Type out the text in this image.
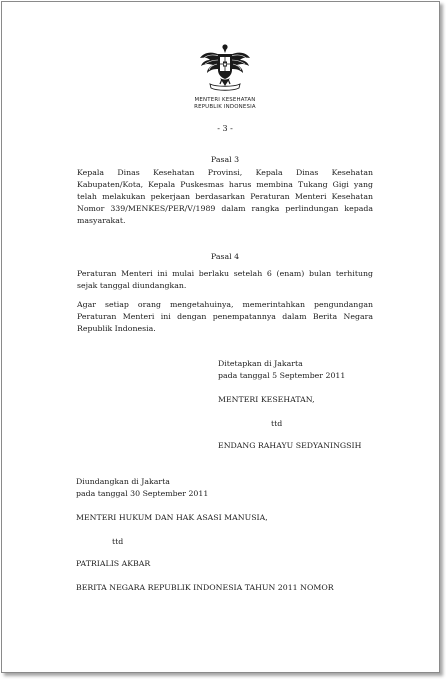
MENTERI KESEHATAN
REPUBLIK INDONESIA
- 3 -
Pasal 3

Kepala Dinas Kesehatan Provinsi, Kepala Dinas Kesehatan Kabupaten/Kota, Kepala Puskesmas harus membina Tukang Gigi yang telah melakukan pekerjaan berdasarkan Peraturan Menteri Kesehatan Nomor 339/MENKES/PER/V/1989 dalam rangka perlindungan kepada masyarakat.

Pasal 4

Peraturan Menteri ini mulai berlaku setelah 6 (enam) bulan terhitung sejak tanggal diundangkan.

Agar setiap orang mengetahuinya, memerintahkan pengundangan Peraturan Menteri ini dengan penempatannya dalam Berita Negara Republik Indonesia.

Ditetapkan di Jakarta
pada tanggal 5 September 2011
MENTERI KESEHATAN,
ttd
ENDANG RAHAYU SEDYANINGSIH
Diundangkan di Jakarta
pada tanggal 30 September 2011
MENTERI HUKUM DAN HAK ASASI MANUSIA,
ttd
PATRIALIS AKBAR
BERITA NEGARA REPUBLIK INDONESIA TAHUN 2011 NOMOR
